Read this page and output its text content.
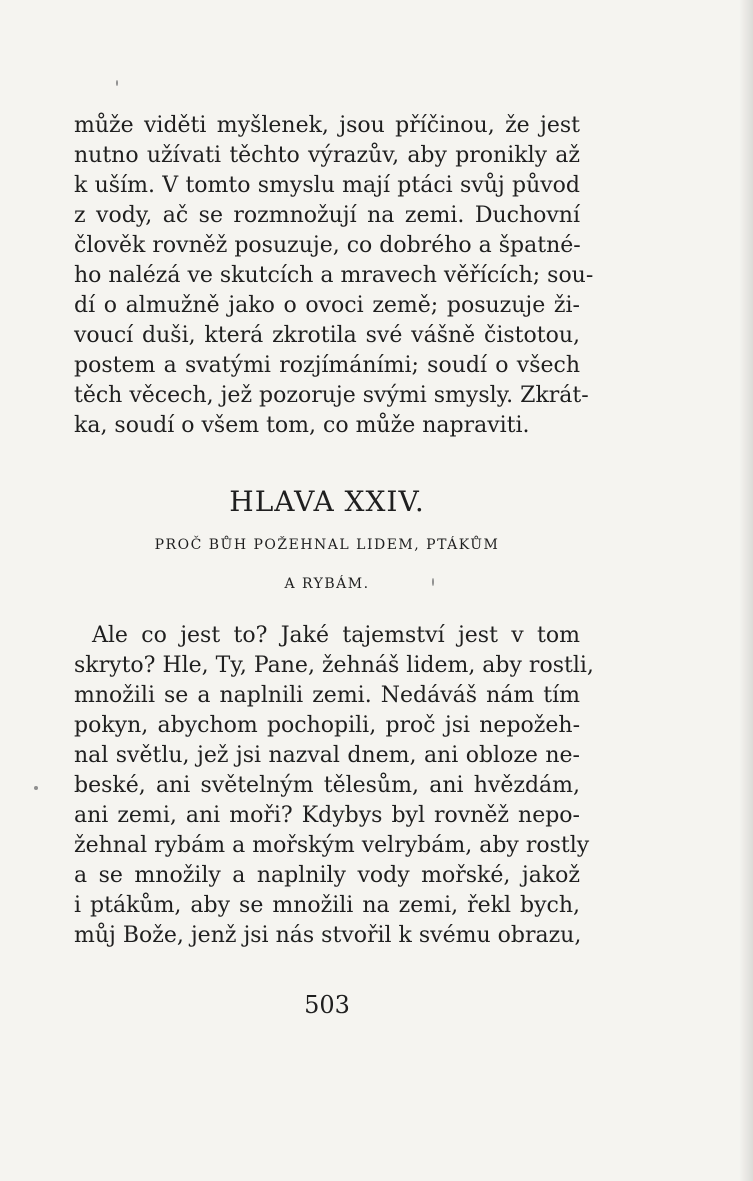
může viděti myšlenek, jsou příčinou, že jest

nutno užívati těchto výrazův, aby pronikly až

k uším. V tomto smyslu mají ptáci svůj původ

z vody, ač se rozmnožují na zemi. Duchovní

člověk rovněž posuzuje, co dobrého a špatné-

ho nalézá ve skutcích a mravech věřících; sou-

dí o almužně jako o ovoci země; posuzuje ži-

voucí duši, která zkrotila své vášně čistotou,

postem a svatými rozjímáními; soudí o všech

těch věcech, jež pozoruje svými smysly. Zkrát-

ka, soudí o všem tom, co může napraviti.

HLAVA XXIV.
PROČ BŮH POŽEHNAL LIDEM, PTÁKŮM
A RYBÁM.

Ale co jest to? Jaké tajemství jest v tom

skryto? Hle, Ty, Pane, žehnáš lidem, aby rostli,

množili se a naplnili zemi. Nedáváš nám tím

pokyn, abychom pochopili, proč jsi nepožeh-

nal světlu, jež jsi nazval dnem, ani obloze ne-

beské, ani světelným tělesům, ani hvězdám,

ani zemi, ani moři? Kdybys byl rovněž nepo-

žehnal rybám a mořským velrybám, aby rostly

a se množily a naplnily vody mořské, jakož

i ptákům, aby se množili na zemi, řekl bych,

můj Bože, jenž jsi nás stvořil k svému obrazu,

503
